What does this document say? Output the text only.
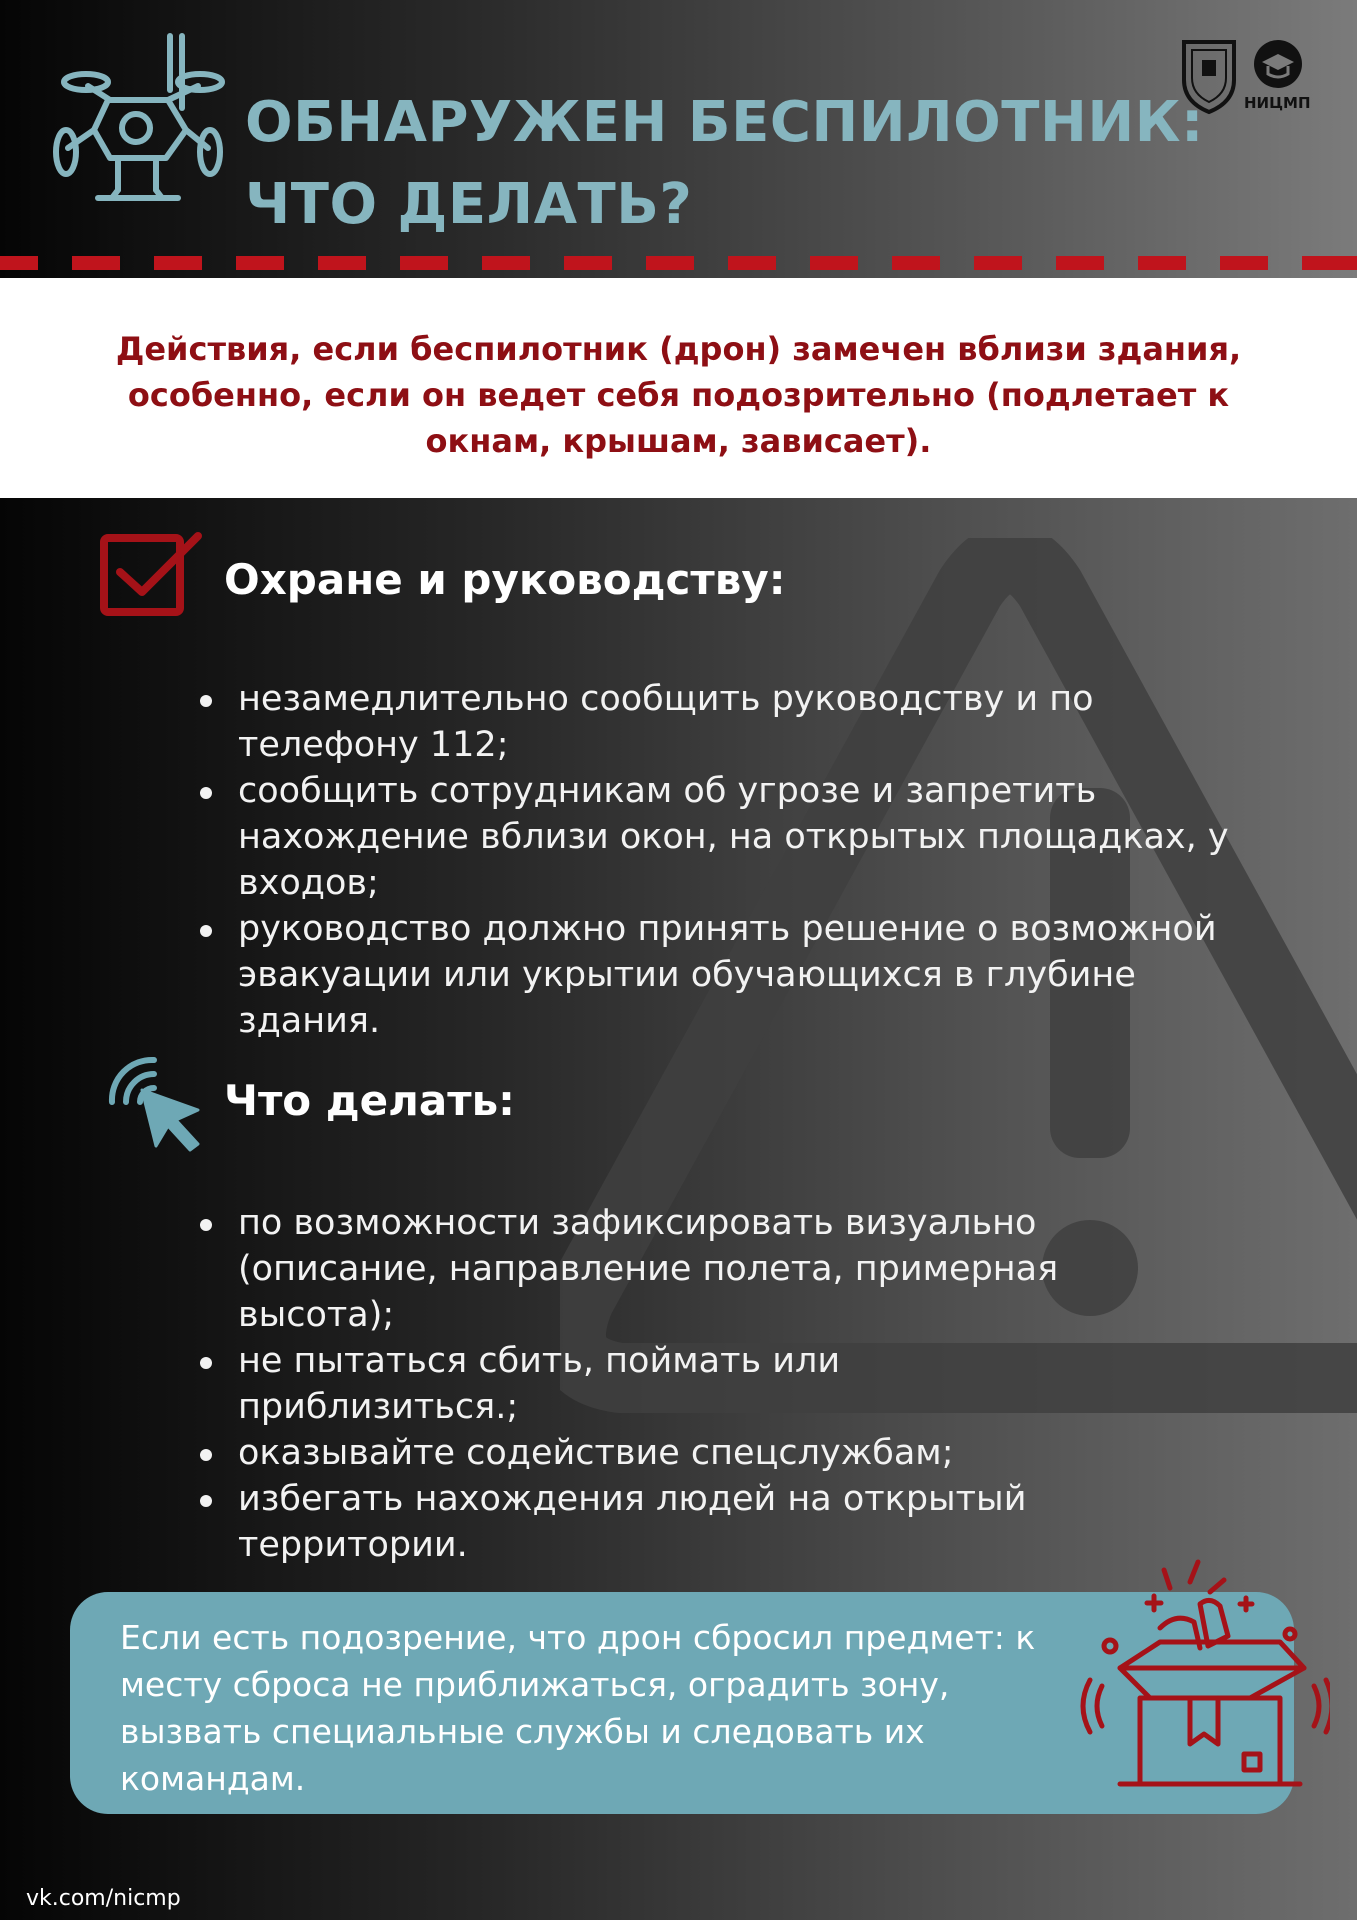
ОБНАРУЖЕН БЕСПИЛОТНИК:
ЧТО ДЕЛАТЬ?
НИЦМП

Действия, если беспилотник (дрон) замечен вблизи здания, особенно, если он ведет себя подозрительно (подлетает к окнам, крышам, зависает).

Охране и руководству:
незамедлительно сообщить руководству и по телефону 112;
сообщить сотрудникам об угрозе и запретить нахождение вблизи окон, на открытых площадках, у входов;
руководство должно принять решение о возможной эвакуации или укрытии обучающихся в глубине здания.
Что делать:
по возможности зафиксировать визуально (описание, направление полета, примерная высота);
не пытаться сбить, поймать или приблизиться.;
оказывайте содействие спецслужбам;
избегать нахождения людей на открытый территории.

Если есть подозрение, что дрон сбросил предмет: к месту сброса не приближаться, оградить зону, вызвать специальные службы и следовать их командам.

vk.com/nicmp
